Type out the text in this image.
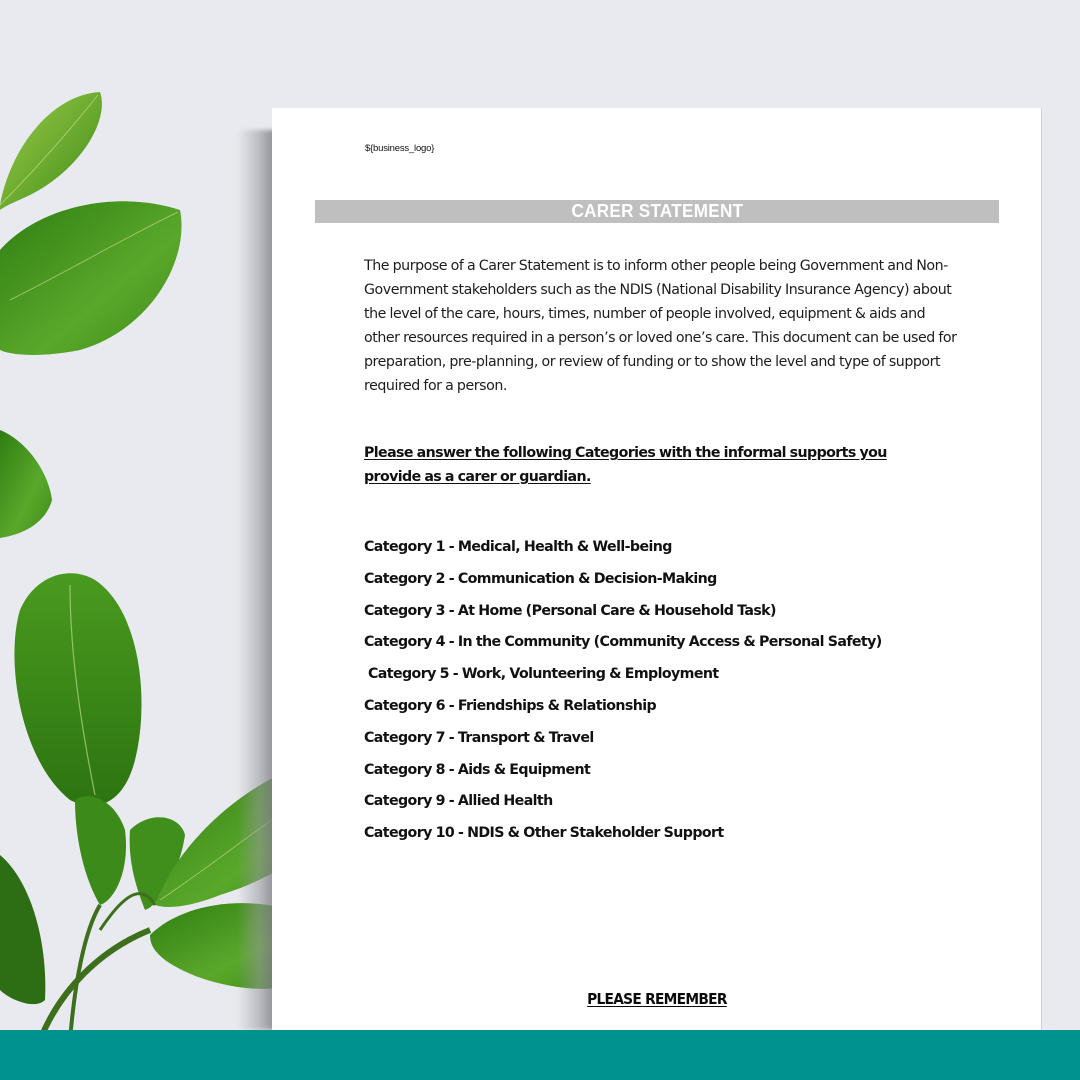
${business_logo}
CARER STATEMENT

The purpose of a Carer Statement is to inform other people being Government and Non-Government stakeholders such as the NDIS (National Disability Insurance Agency) about the level of the care, hours, times, number of people involved, equipment & aids and other resources required in a person’s or loved one’s care. This document can be used for preparation, pre-planning, or review of funding or to show the level and type of support required for a person.

Please answer the following Categories with the informal supports you provide as a carer or guardian.
Category 1 - Medical, Health & Well-being
Category 2 - Communication & Decision-Making
Category 3 - At Home (Personal Care & Household Task)
Category 4 - In the Community (Community Access & Personal Safety)
Category 5 - Work, Volunteering & Employment
Category 6 - Friendships & Relationship
Category 7 - Transport & Travel
Category 8 - Aids & Equipment
Category 9 - Allied Health
Category 10 - NDIS & Other Stakeholder Support
PLEASE REMEMBER
